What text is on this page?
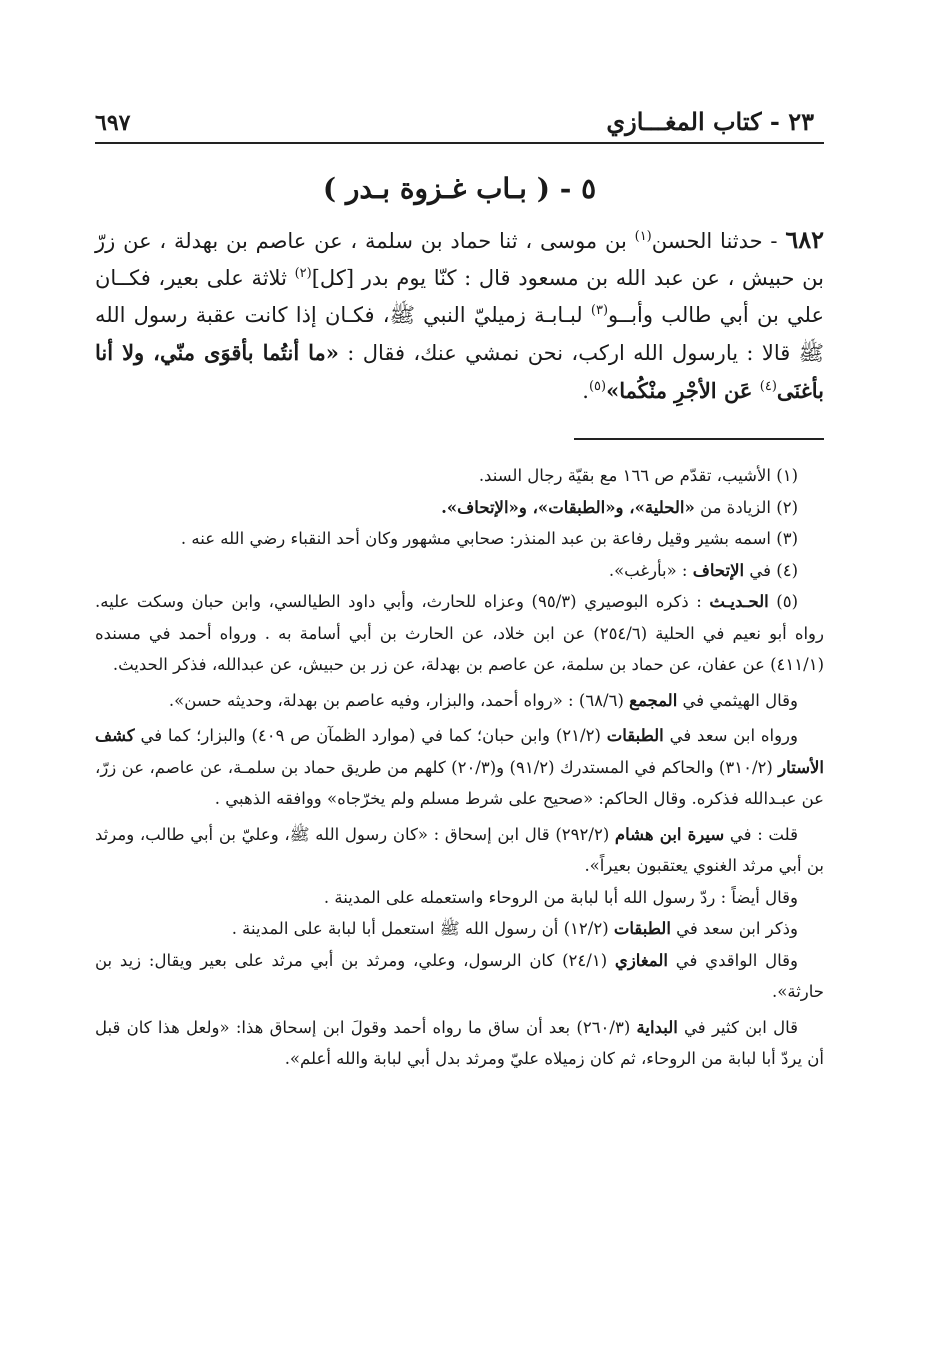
٢٣ - كتاب المغـــازي
٦٩٧
٥ - ( بـاب غـزوة بـدر )

٦٨٢ - حدثنا الحسن$^{(١)}$ بن موسى ، ثنا حماد بن سلمة ، عن عاصم بن بهدلة ، عن زرّ بن حبيش ، عن عبد الله بن مسعود قال : كنّا يوم بدر [كل]$^{(٢)}$ ثلاثة على بعير، فكــان علي بن أبي طالب وأبــو$^{(٣)}$ لبـابـة زميليّ النبي ﷺ، فكـان إذا كانت عقبة رسول الله ﷺ قالا : يارسول الله اركب، نحن نمشي عنك، فقال : «ما أنتُما بأقوَى منّي، ولا أنا بأغنَى$^{(٤)}$ عَن الأجْرِ منْكُما»$^{(٥)}$.

(١) الأشيب، تقدّم ص ١٦٦ مع بقيّة رجال السند.

(٢) الزيادة من «الحلية»، و«الطبقات»، و«الإتحاف».

(٣) اسمه بشير وقيل رفاعة بن عبد المنذر: صحابي مشهور وكان أحد النقباء رضي الله عنه .

(٤) في الإتحاف : «بأرغب».

(٥) الحـديـث : ذكره البوصيري (٩٥/٣) وعزاه للحارث، وأبي داود الطيالسي، وابن حبان وسكت عليه. رواه أبو نعيم في الحلية (٢٥٤/٦) عن ابن خلاد، عن الحارث بن أبي أسامة به . ورواه أحمد في مسنده (٤١١/١) عن عفان، عن حماد بن سلمة، عن عاصم بن بهدلة، عن زر بن حبيش، عن عبدالله، فذكر الحديث.

وقال الهيثمي في المجمع (٦٨/٦) : «رواه أحمد، والبزار، وفيه عاصم بن بهدلة، وحديثه حسن».

ورواه ابن سعد في الطبقات (٢١/٢) وابن حبان؛ كما في (موارد الظمآن ص ٤٠٩) والبزار؛ كما في كشف الأستار (٣١٠/٢) والحاكم في المستدرك (٩١/٢) و(٢٠/٣) كلهم من طريق حماد بن سلمـة، عن عاصم، عن زرّ، عن عبـدالله فذكره. وقال الحاكم: «صحيح على شرط مسلم ولم يخرّجاه» ووافقه الذهبي .

قلت : في سيرة ابن هشام (٢٩٢/٢) قال ابن إسحاق : «كان رسول الله ﷺ، وعليّ بن أبي طالب، ومرثد بن أبي مرثد الغنوي يعتقبون بعيراً».

وقال أيضاً : ردّ رسول الله أبا لبابة من الروحاء واستعمله على المدينة .

وذكر ابن سعد في الطبقات (١٢/٢) أن رسول الله ﷺ استعمل أبا لبابة على المدينة .

وقال الواقدي في المغازي (٢٤/١) كان الرسول، وعلي، ومرثد بن أبي مرثد على بعير ويقال: زيد بن حارثة».

قال ابن كثير في البداية (٢٦٠/٣) بعد أن ساق ما رواه أحمد وقولَ ابن إسحاق هذا: «ولعل هذا كان قبل أن يردّ أبا لبابة من الروحاء، ثم كان زميلاه عليّ ومرثد بدل أبي لبابة والله أعلم».
